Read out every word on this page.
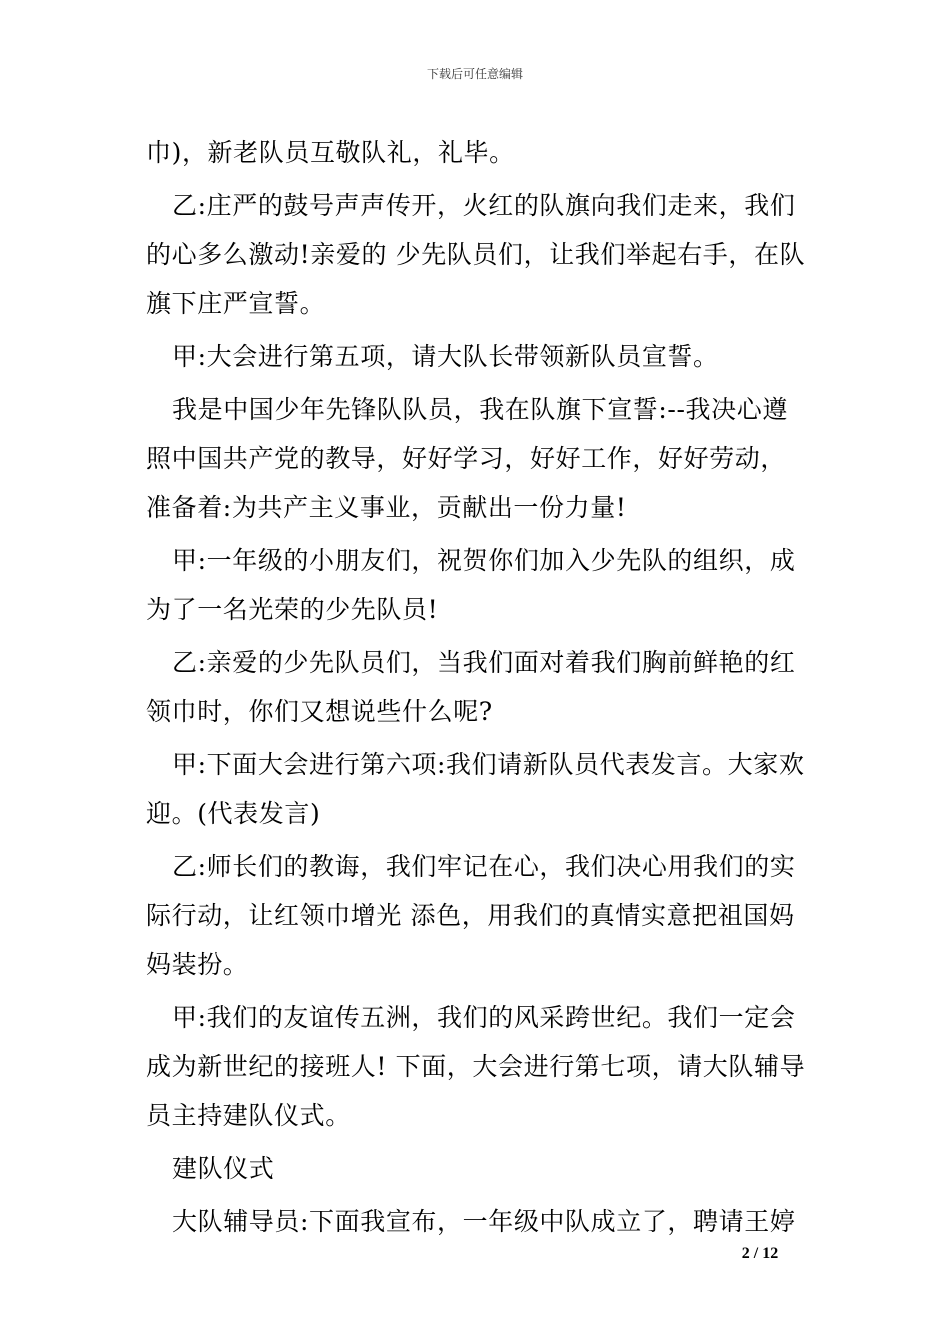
下载后可任意编辑

巾)，新老队员互敬队礼，礼毕。

乙:庄严的鼓号声声传开，火红的队旗向我们走来，我们的心多么激动!亲爱的 少先队员们，让我们举起右手，在队旗下庄严宣誓。

甲:大会进行第五项，请大队长带领新队员宣誓。

我是中国少年先锋队队员，我在队旗下宣誓:--我决心遵照中国共产党的教导，好好学习，好好工作，好好劳动，准备着:为共产主义事业，贡献出一份力量!

甲:一年级的小朋友们，祝贺你们加入少先队的组织，成为了一名光荣的少先队员!

乙:亲爱的少先队员们，当我们面对着我们胸前鲜艳的红领巾时，你们又想说些什么呢?

甲:下面大会进行第六项:我们请新队员代表发言。大家欢迎。(代表发言)

乙:师长们的教诲，我们牢记在心，我们决心用我们的实际行动，让红领巾增光 添色，用我们的真情实意把祖国妈妈装扮。

甲:我们的友谊传五洲，我们的风采跨世纪。我们一定会成为新世纪的接班人! 下面，大会进行第七项，请大队辅导员主持建队仪式。

建队仪式

大队辅导员:下面我宣布，一年级中队成立了，聘请王婷

2 / 12
